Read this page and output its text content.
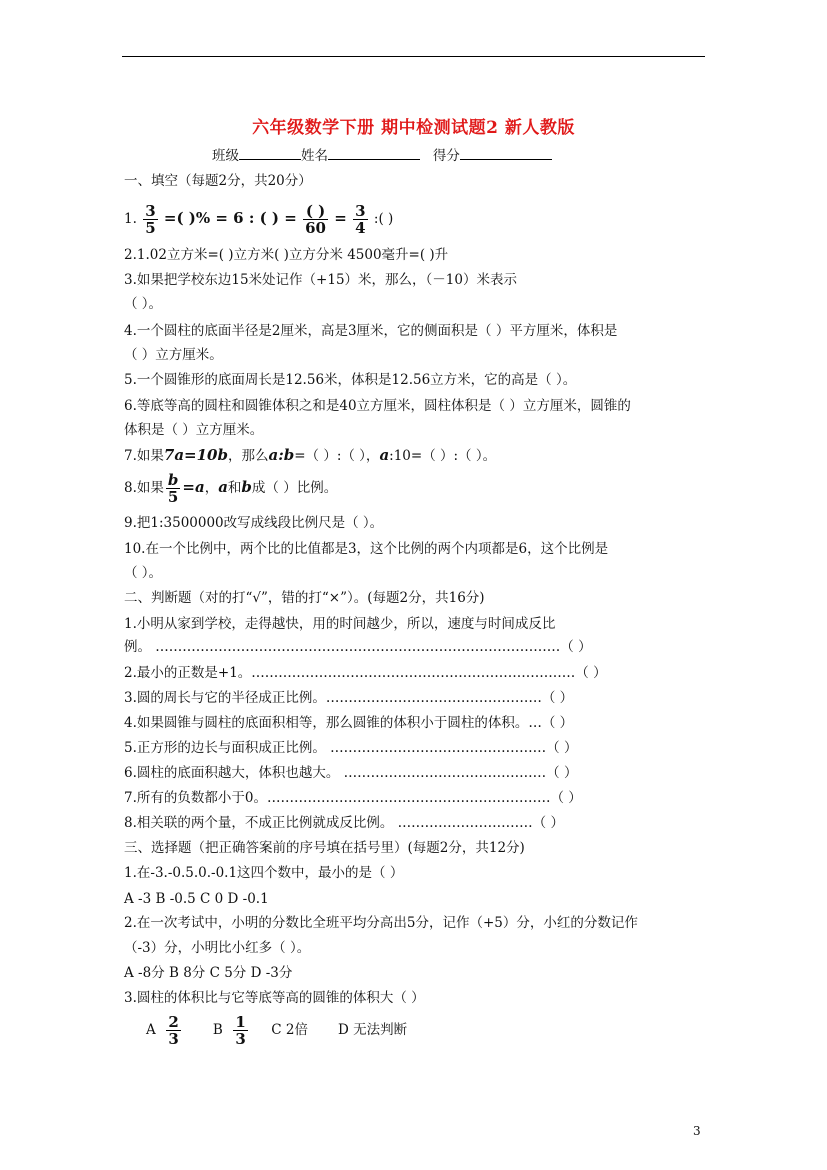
六年级数学下册 期中检测试题2 新人教版
班级	姓名	得分
一、填空（每题2分，共20分）
1. $\frac{3}{5}$ =( )% = 6 : ( ) = $\frac{( )}{60} = \frac{3}{4}$ :( )
2.1.02立方米=( )立方米( )立方分米 4500毫升=( )升
3.如果把学校东边15米处记作（+15）米，那么，（－10）米表示
（ ）。
4.一个圆柱的底面半径是2厘米，高是3厘米，它的侧面积是（ ）平方厘米，体积是
（ ）立方厘米。
5.一个圆锥形的底面周长是12.56米，体积是12.56立方米，它的高是（ ）。
6.等底等高的圆柱和圆锥体积之和是40立方厘米，圆柱体积是（ ）立方厘米，圆锥的
体积是（ ）立方厘米。
7.如果7a=10b，那么a:b=（ ）:（ ），a:10=（ ）:（ ）。
8.如果 $\frac{b}{5} =a$，a和b成（ ）比例。
9.把1:3500000改写成线段比例尺是（ ）。
10.在一个比例中，两个比的比值都是3，这个比例的两个内项都是6，这个比例是
（ ）。
二、判断题（对的打“√”，错的打“×”）。(每题2分，共16分)
1.小明从家到学校，走得越快，用的时间越少，所以，速度与时间成反比
例。 ………………………………………………………………………………（ ）
2.最小的正数是+1。………………………………………………………………（ ）
3.圆的周长与它的半径成正比例。…………………………………………（ ）
4.如果圆锥与圆柱的底面积相等，那么圆锥的体积小于圆柱的体积。…（ ）
5.正方形的边长与面积成正比例。 …………………………………………（ ）
6.圆柱的底面积越大，体积也越大。 ………………………………………（ ）
7.所有的负数都小于0。………………………………………………………（ ）
8.相关联的两个量，不成正比例就成反比例。 …………………………（ ）
三、选择题（把正确答案前的序号填在括号里）(每题2分，共12分)
1.在-3.-0.5.0.-0.1这四个数中，最小的是（ ）
A -3 B -0.5 C 0 D -0.1
2.在一次考试中，小明的分数比全班平均分高出5分，记作（+5）分，小红的分数记作
（-3）分，小明比小红多（ ）。
A -8分 B 8分 C 5分 D -3分
3.圆柱的体积比与它等底等高的圆锥的体积大（ ）
A $\frac{2}{3}$ B $\frac{1}{3}$ C 2倍 D 无法判断
3
